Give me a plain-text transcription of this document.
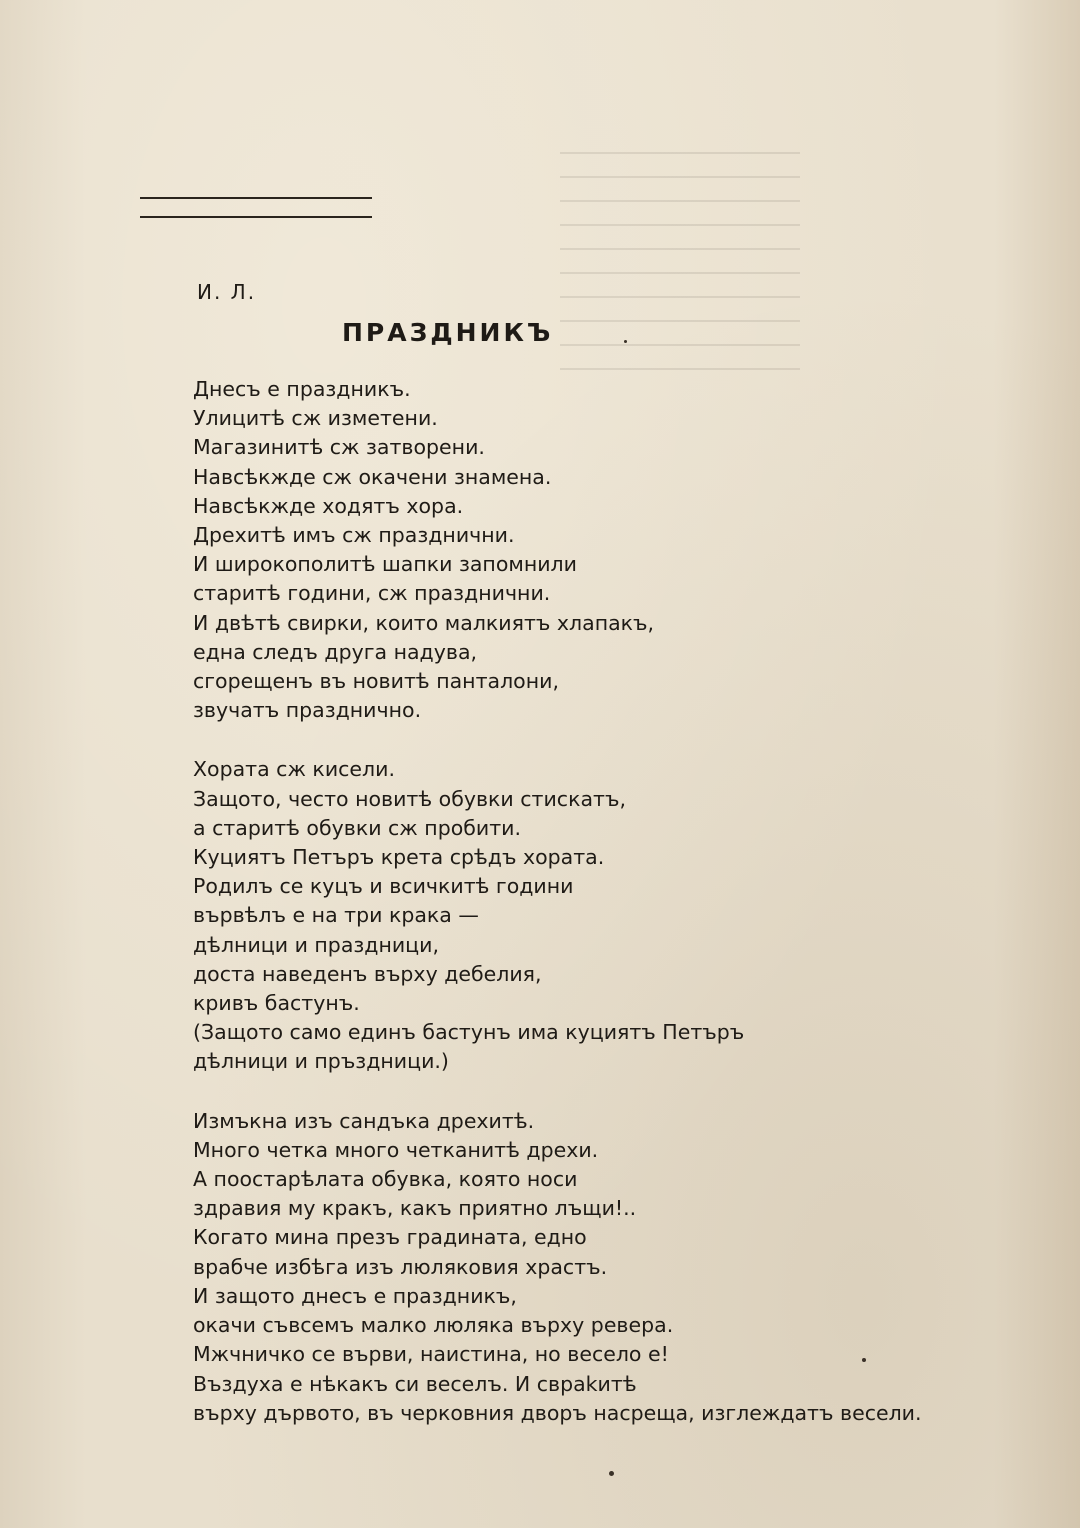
И. Л.
ПРАЗДНИКЪ
Днесъ е праздникъ.
Улицитѣ сж изметени.
Магазинитѣ сж затворени.
Навсѣкжде сж окачени знамена.
Навсѣкжде ходятъ хора.
Дрехитѣ имъ сж празднични.
И широкополитѣ шапки запомнили
старитѣ години, сж празднични.
И двѣтѣ свирки, които малкиятъ хлапакъ,
една следъ друга надува,
сгорещенъ въ новитѣ панталони,
звучатъ празднично.
Хората сж кисели.
Защото, често новитѣ обувки стискатъ,
а старитѣ обувки сж пробити.
Куциятъ Петъръ крета срѣдъ хората.
Родилъ се куцъ и всичкитѣ години
вървѣлъ е на три крака —
дѣлници и праздници,
доста наведенъ върху дебелия,
кривъ бастунъ.
(Защото само единъ бастунъ има куциятъ Петъръ
дѣлници и пръздници.)
Измъкна изъ сандъка дрехитѣ.
Много четка много четканитѣ дрехи.
А поостарѣлата обувка, която носи
здравия му кракъ, какъ приятно лъщи!..
Когато мина презъ градината, едно
врабче избѣга изъ люляковия храстъ.
И защото днесъ е праздникъ,
окачи съвсемъ малко люляка върху ревера.
Мжчничко се върви, наистина, но весело е!
Въздуха е нѣкакъ си веселъ. И сврakитѣ
върху дървото, въ черковния дворъ насреща, изглеждатъ весели.
